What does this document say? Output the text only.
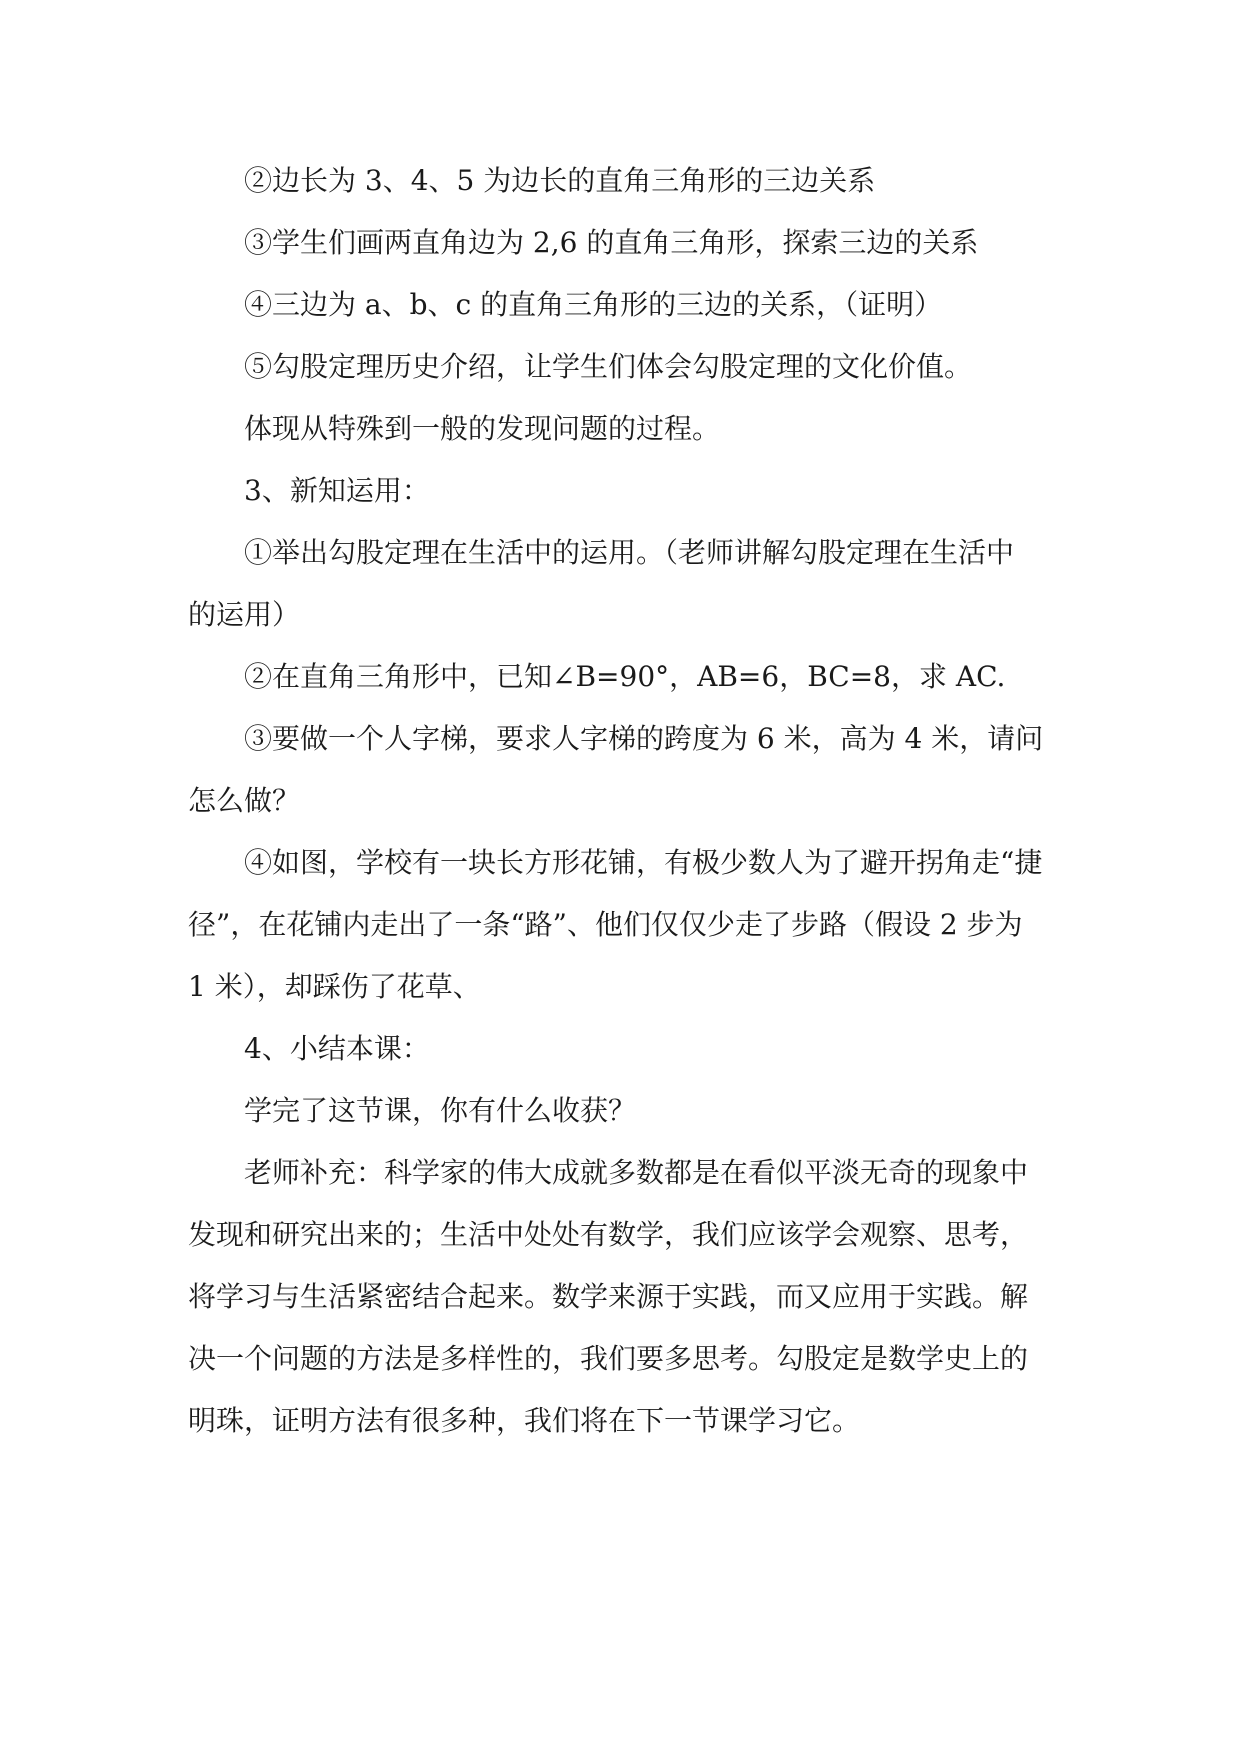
②边长为 3、4、5 为边长的直角三角形的三边关系
③学生们画两直角边为 2,6 的直角三角形，探索三边的关系
④三边为 a、b、c 的直角三角形的三边的关系，（证明）
⑤勾股定理历史介绍，让学生们体会勾股定理的文化价值。
体现从特殊到一般的发现问题的过程。
3、新知运用：
①举出勾股定理在生活中的运用。（老师讲解勾股定理在生活中
的运用）
②在直角三角形中，已知∠B=90°，AB=6，BC=8，求 AC.
③要做一个人字梯，要求人字梯的跨度为 6 米，高为 4 米，请问
怎么做？
④如图，学校有一块长方形花铺，有极少数人为了避开拐角走“捷
径”，在花铺内走出了一条“路”、他们仅仅少走了步路（假设 2 步为
1 米），却踩伤了花草、
4、小结本课：
学完了这节课，你有什么收获？
老师补充：科学家的伟大成就多数都是在看似平淡无奇的现象中
发现和研究出来的；生活中处处有数学，我们应该学会观察、思考，
将学习与生活紧密结合起来。数学来源于实践，而又应用于实践。解
决一个问题的方法是多样性的，我们要多思考。勾股定是数学史上的
明珠，证明方法有很多种，我们将在下一节课学习它。
